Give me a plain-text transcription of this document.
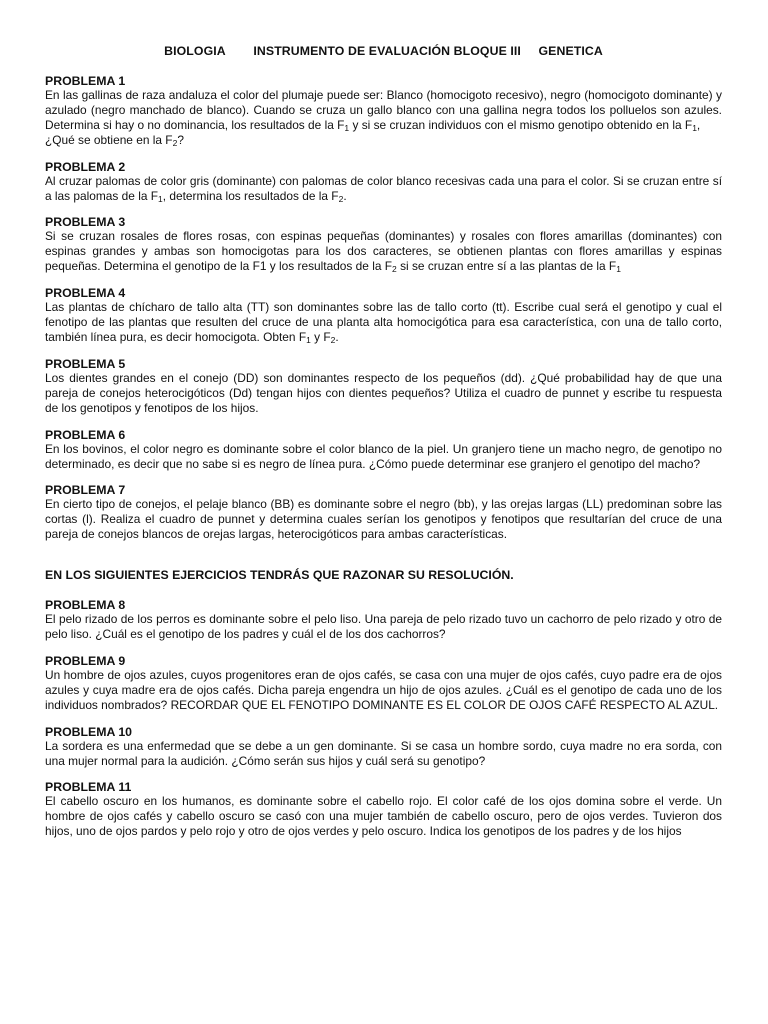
BIOLOGIA        INSTRUMENTO DE EVALUACIÓN BLOQUE III     GENETICA
PROBLEMA 1
En las gallinas de raza andaluza el color del plumaje puede ser: Blanco (homocigoto recesivo), negro (homocigoto dominante) y azulado (negro manchado de blanco). Cuando se cruza un gallo blanco con una gallina negra todos los polluelos son azules. Determina si hay o no dominancia, los resultados de la $F_1$ y si se cruzan individuos con el mismo genotipo obtenido en la $F_1$,
¿Qué se obtiene en la $F_2$?
PROBLEMA 2
Al cruzar palomas de color gris (dominante) con palomas de color blanco recesivas cada una para el color. Si se cruzan entre sí a las palomas de la $F_1$, determina los resultados de la $F_2$.
PROBLEMA 3
Si se cruzan rosales de flores rosas, con espinas pequeñas (dominantes) y rosales con flores amarillas (dominantes) con espinas grandes y ambas son homocigotas para los dos caracteres, se obtienen plantas con flores amarillas y espinas pequeñas. Determina el genotipo de la F1 y los resultados de la $F_2$ si se cruzan entre sí a las plantas de la $F_1$
PROBLEMA 4
Las plantas de chícharo de tallo alta (TT) son dominantes sobre las de tallo corto (tt). Escribe cual será el genotipo y cual el fenotipo de las plantas que resulten del cruce de una planta alta homocigótica para esa característica, con una de tallo corto, también línea pura, es decir homocigota. Obten $F_1$ y $F_2$.
PROBLEMA 5
Los dientes grandes en el conejo (DD) son dominantes respecto de los pequeños (dd). ¿Qué probabilidad hay de que una pareja de conejos heterocigóticos (Dd) tengan hijos con dientes pequeños? Utiliza el cuadro de punnet y escribe tu respuesta de los genotipos y fenotipos de los hijos.
PROBLEMA 6
En los bovinos, el color negro es dominante sobre el color blanco de la piel. Un granjero tiene un macho negro, de genotipo no determinado, es decir que no sabe si es negro de línea pura. ¿Cómo puede determinar ese granjero el genotipo del macho?
PROBLEMA 7
En cierto tipo de conejos, el pelaje blanco (BB) es dominante sobre el negro (bb), y las orejas largas (LL) predominan sobre las cortas (l). Realiza el cuadro de punnet y determina cuales serían los genotipos y fenotipos que resultarían del cruce de una pareja de conejos blancos de orejas largas, heterocigóticos para ambas características.
EN LOS SIGUIENTES EJERCICIOS TENDRÁS QUE RAZONAR SU RESOLUCIÓN.
PROBLEMA 8
El pelo rizado de los perros es dominante sobre el pelo liso. Una pareja de pelo rizado tuvo un cachorro de pelo rizado y otro de pelo liso. ¿Cuál es el genotipo de los padres y cuál el de los dos cachorros?
PROBLEMA 9
Un hombre de ojos azules, cuyos progenitores eran de ojos cafés, se casa con una mujer de ojos cafés, cuyo padre era de ojos azules y cuya madre era de ojos cafés. Dicha pareja engendra un hijo de ojos azules. ¿Cuál es el genotipo de cada uno de los individuos nombrados? RECORDAR QUE EL FENOTIPO DOMINANTE ES EL COLOR DE OJOS CAFÉ RESPECTO AL AZUL.
PROBLEMA 10
La sordera es una enfermedad que se debe a un gen dominante. Si se casa un hombre sordo, cuya madre no era sorda, con una mujer normal para la audición. ¿Cómo serán sus hijos y cuál será su genotipo?
PROBLEMA 11
El cabello oscuro en los humanos, es dominante sobre el cabello rojo. El color café de los ojos domina sobre el verde. Un hombre de ojos cafés y cabello oscuro se casó con una mujer también de cabello oscuro, pero de ojos verdes. Tuvieron dos hijos, uno de ojos pardos y pelo rojo y otro de ojos verdes y pelo oscuro. Indica los genotipos de los padres y de los hijos
